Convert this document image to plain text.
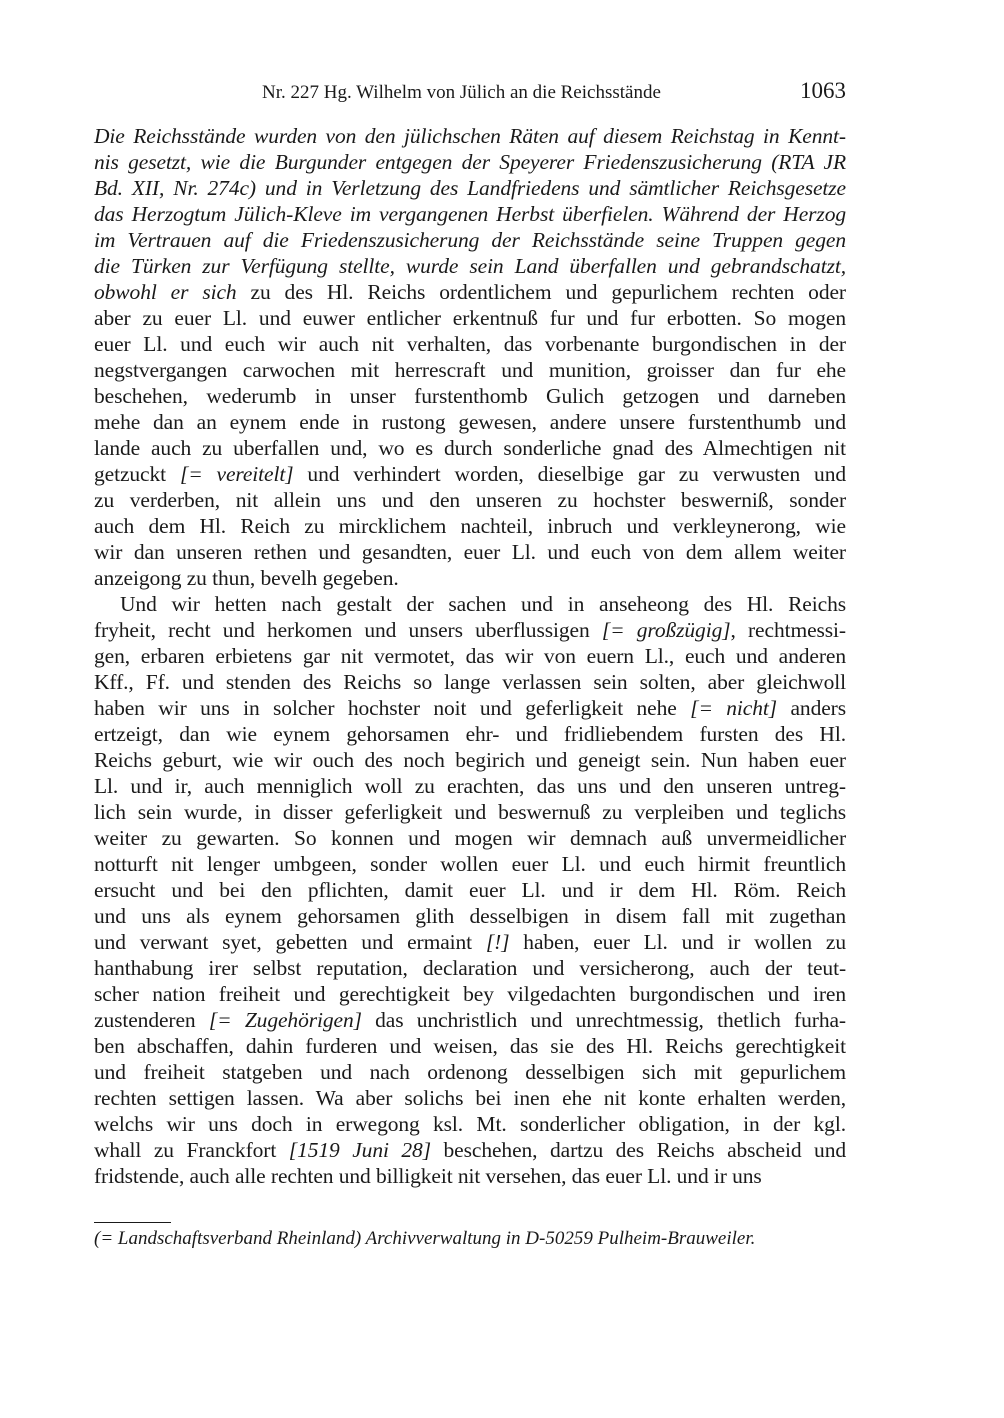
Nr. 227 Hg. Wilhelm von Jülich an die Reichsstände	1063
Die Reichsstände wurden von den jülichschen Räten auf diesem Reichstag in Kennt-
nis gesetzt, wie die Burgunder entgegen der Speyerer Friedenszusicherung (RTA JR
Bd. XII, Nr. 274c) und in Verletzung des Landfriedens und sämtlicher Reichsgesetze
das Herzogtum Jülich-Kleve im vergangenen Herbst überfielen. Während der Herzog
im Vertrauen auf die Friedenszusicherung der Reichsstände seine Truppen gegen
die Türken zur Verfügung stellte, wurde sein Land überfallen und gebrandschatzt,
obwohl er sich zu des Hl. Reichs ordentlichem und gepurlichem rechten oder
aber zu euer Ll. und euwer entlicher erkentnuß fur und fur erbotten. So mogen
euer Ll. und euch wir auch nit verhalten, das vorbenante burgondischen in der
negstvergangen carwochen mit herrescraft und munition, groisser dan fur ehe
beschehen, wederumb in unser furstenthomb Gulich getzogen und darneben
mehe dan an eynem ende in rustong gewesen, andere unsere furstenthumb und
lande auch zu uberfallen und, wo es durch sonderliche gnad des Almechtigen nit
getzuckt [= vereitelt] und verhindert worden, dieselbige gar zu verwusten und
zu verderben, nit allein uns und den unseren zu hochster beswerniß, sonder
auch dem Hl. Reich zu mircklichem nachteil, inbruch und verkleynerong, wie
wir dan unseren rethen und gesandten, euer Ll. und euch von dem allem weiter
anzeigong zu thun, bevelh gegeben.
Und wir hetten nach gestalt der sachen und in anseheong des Hl. Reichs
fryheit, recht und herkomen und unsers uberflussigen [= großzügig], rechtmessi-
gen, erbaren erbietens gar nit vermotet, das wir von euern Ll., euch und anderen
Kff., Ff. und stenden des Reichs so lange verlassen sein solten, aber gleichwoll
haben wir uns in solcher hochster noit und geferligkeit nehe [= nicht] anders
ertzeigt, dan wie eynem gehorsamen ehr- und fridliebendem fursten des Hl.
Reichs geburt, wie wir ouch des noch begirich und geneigt sein. Nun haben euer
Ll. und ir, auch menniglich woll zu erachten, das uns und den unseren untreg-
lich sein wurde, in disser geferligkeit und beswernuß zu verpleiben und teglichs
weiter zu gewarten. So konnen und mogen wir demnach auß unvermeidlicher
notturft nit lenger umbgeen, sonder wollen euer Ll. und euch hirmit freuntlich
ersucht und bei den pflichten, damit euer Ll. und ir dem Hl. Röm. Reich
und uns als eynem gehorsamen glith desselbigen in disem fall mit zugethan
und verwant syet, gebetten und ermaint [!] haben, euer Ll. und ir wollen zu
hanthabung irer selbst reputation, declaration und versicherong, auch der teut-
scher nation freiheit und gerechtigkeit bey vilgedachten burgondischen und iren
zustenderen [= Zugehörigen] das unchristlich und unrechtmessig, thetlich furha-
ben abschaffen, dahin furderen und weisen, das sie des Hl. Reichs gerechtigkeit
und freiheit statgeben und nach ordenong desselbigen sich mit gepurlichem
rechten settigen lassen. Wa aber solichs bei inen ehe nit konte erhalten werden,
welchs wir uns doch in erwegong ksl. Mt. sonderlicher obligation, in der kgl.
whall zu Franckfort [1519 Juni 28] beschehen, dartzu des Reichs abscheid und
fridstende, auch alle rechten und billigkeit nit versehen, das euer Ll. und ir uns
(= Landschaftsverband Rheinland) Archivverwaltung in D-50259 Pulheim-Brauweiler.
